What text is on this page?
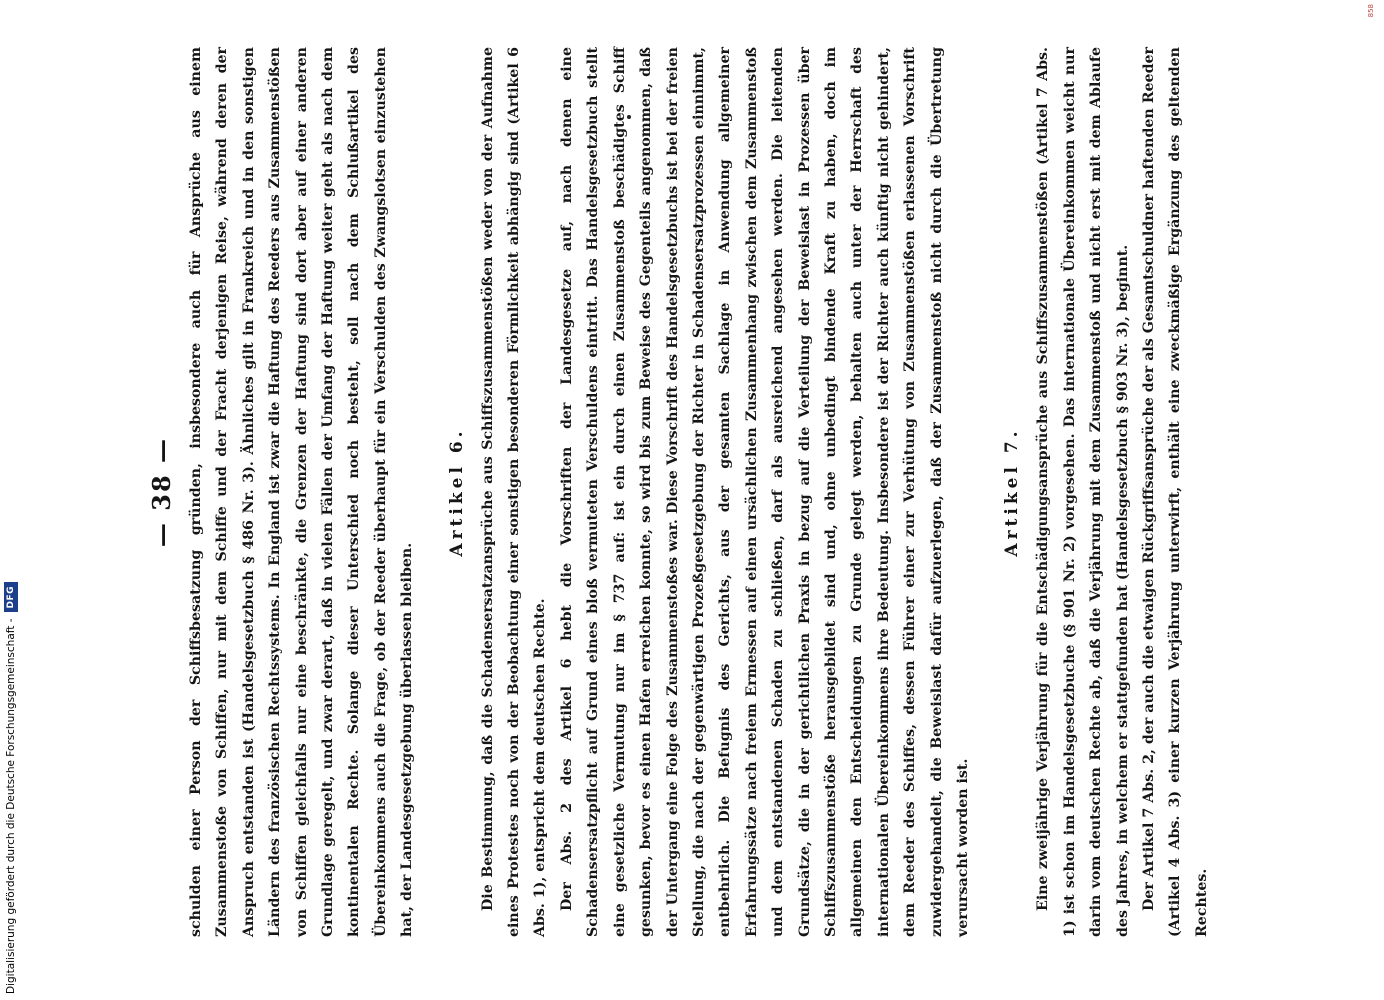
858
— 38 — schulden einer Person der Schiffsbesatzung gründen, insbesondere auch für Ansprüche aus einem Zusammenstoße von Schiffen, nur mit dem Schiffe und der Fracht derjenigen Reise, während deren der Anspruch entstanden ist (Handelsgesetzbuch § 486 Nr. 3). Ähnliches gilt in Frankreich und in den sonstigen Ländern des französischen Rechtssystems. In England ist zwar die Haftung des Reeders aus Zusammenstößen von Schiffen gleichfalls nur eine beschränkte, die Grenzen der Haftung sind dort aber auf einer anderen Grundlage geregelt, und zwar derart, daß in vielen Fällen der Umfang der Haftung weiter geht als nach dem kontinentalen Rechte. Solange dieser Unterschied noch besteht, soll nach dem Schlußartikel des Übereinkommens auch die Frage, ob der Reeder überhaupt für ein Verschulden des Zwangslotsen einzustehen hat, der Landesgesetzgebung überlassen bleiben.

Artikel 6. Die Bestimmung, daß die Schadensersatzansprüche aus Schiffszusammenstößen weder von der Aufnahme eines Protestes noch von der Beobachtung einer sonstigen besonderen Förmlichkeit abhängig sind (Artikel 6 Abs. 1), entspricht dem deutschen Rechte. Der Abs. 2 des Artikel 6 hebt die Vorschriften der Landesgesetze auf, nach denen eine Schadensersatzpflicht auf Grund eines bloß vermuteten Verschuldens eintritt. Das Handelsgesetzbuch stellt eine gesetzliche Vermutung nur im § 737 auf: ist ein durch einen Zusammenstoß beschädigtes Schiff gesunken, bevor es einen Hafen erreichen konnte, so wird bis zum Beweise des Gegenteils angenommen, daß der Untergang eine Folge des Zusammenstoßes war. Diese Vorschrift des Handelsgesetzbuchs ist bei der freien Stellung, die nach der gegenwärtigen Prozeßgesetzgebung der Richter in Schadensersatzprozessen einnimmt, entbehrlich. Die Befugnis des Gerichts, aus der gesamten Sachlage in Anwendung allgemeiner Erfahrungssätze nach freiem Ermessen auf einen ursächlichen Zusammenhang zwischen dem Zusammenstoß und dem entstandenen Schaden zu schließen, darf als ausreichend angesehen werden. Die leitenden Grundsätze, die in der gerichtlichen Praxis in bezug auf die Verteilung der Beweislast in Prozessen über Schiffszusammenstöße herausgebildet sind und, ohne unbedingt bindende Kraft zu haben, doch im allgemeinen den Entscheidungen zu Grunde gelegt werden, behalten auch unter der Herrschaft des internationalen Übereinkommens ihre Bedeutung. Insbesondere ist der Richter auch künftig nicht gehindert, dem Reeder des Schiffes, dessen Führer einer zur Verhütung von Zusammenstößen erlassenen Vorschrift zuwidergehandelt, die Beweislast dafür aufzuerlegen, daß der Zusammenstoß nicht durch die Übertretung verursacht worden ist.

Artikel 7. Eine zweijährige Verjährung für die Entschädigungsansprüche aus Schiffszusammenstößen (Artikel 7 Abs. 1) ist schon im Handelsgesetzbuche (§ 901 Nr. 2) vorgesehen. Das internationale Übereinkommen weicht nur darin vom deutschen Rechte ab, daß die Verjährung mit dem Zusammenstoß und nicht erst mit dem Ablaufe des Jahres, in welchem er stattgefunden hat (Handelsgesetzbuch § 903 Nr. 3), beginnt. Der Artikel 7 Abs. 2, der auch die etwaigen Rückgriffsansprüche der als Gesamtschuldner haftenden Reeder (Artikel 4 Abs. 3) einer kurzen Verjährung unterwirft, enthält eine zweckmäßige Ergänzung des geltenden Rechtes.

Digitalisierung gefördert durch die Deutsche Forschungsgemeinschaft -
DFG
